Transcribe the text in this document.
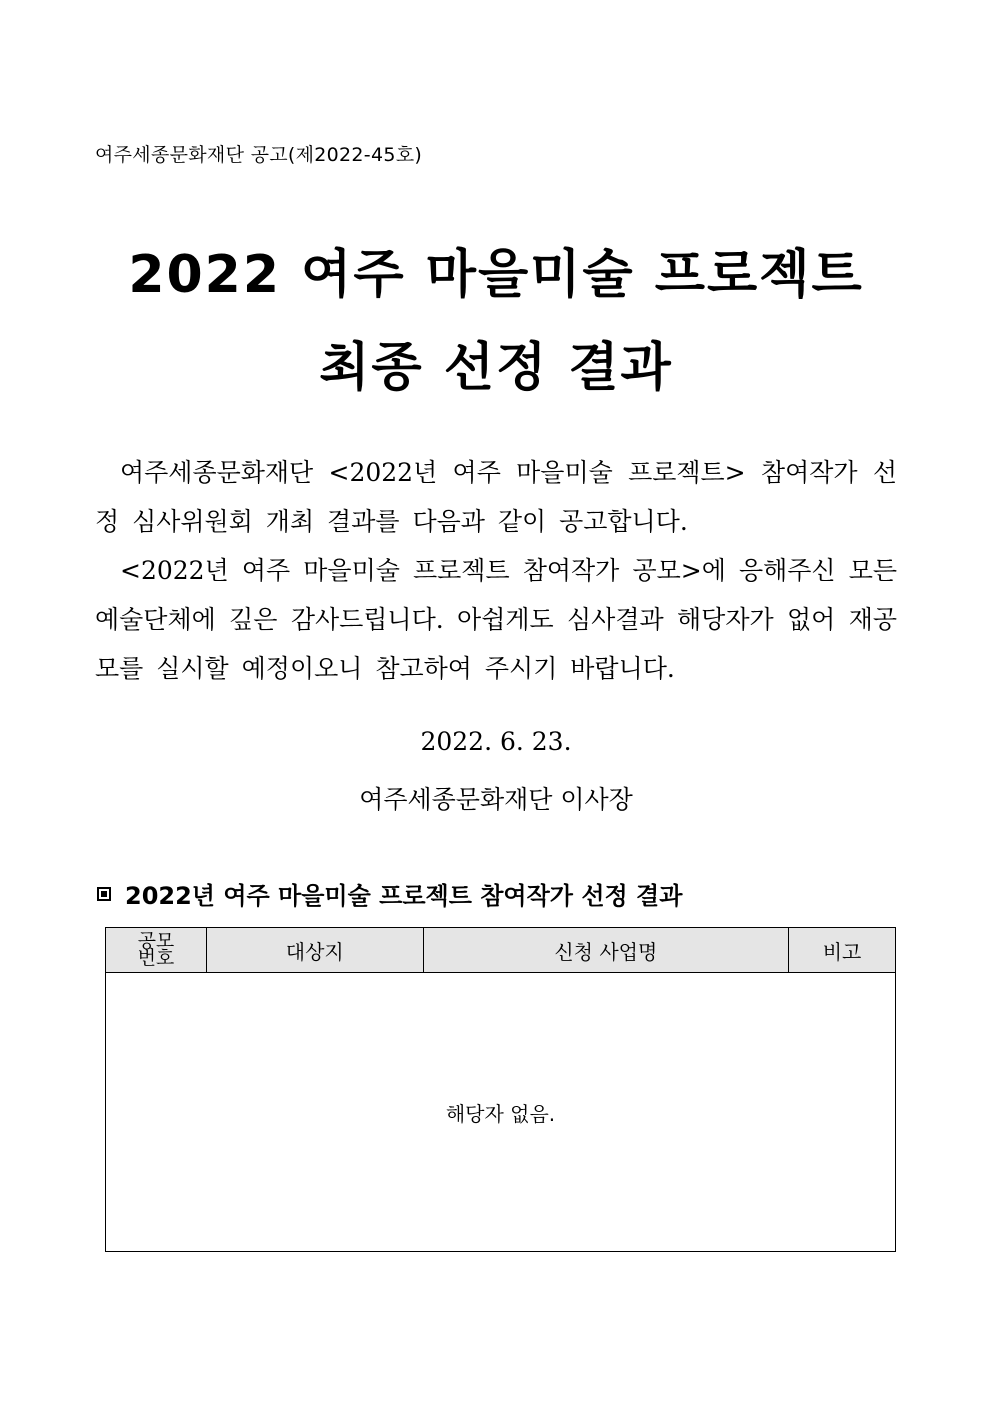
여주세종문화재단 공고(제2022-45호)
2022 여주 마을미술 프로젝트
최종 선정 결과

여주세종문화재단 <2022년 여주 마을미술 프로젝트> 참여작가 선정 심사위원회 개최 결과를 다음과 같이 공고합니다.

<2022년 여주 마을미술 프로젝트 참여작가 공모>에 응해주신 모든 예술단체에 깊은 감사드립니다. 아쉽게도 심사결과 해당자가 없어 재공모를 실시할 예정이오니 참고하여 주시기 바랍니다.

2022. 6. 23.
여주세종문화재단 이사장
2022년 여주 마을미술 프로젝트 참여작가 선정 결과
공모
번호	대상지	신청 사업명	비고
해당자 없음.
